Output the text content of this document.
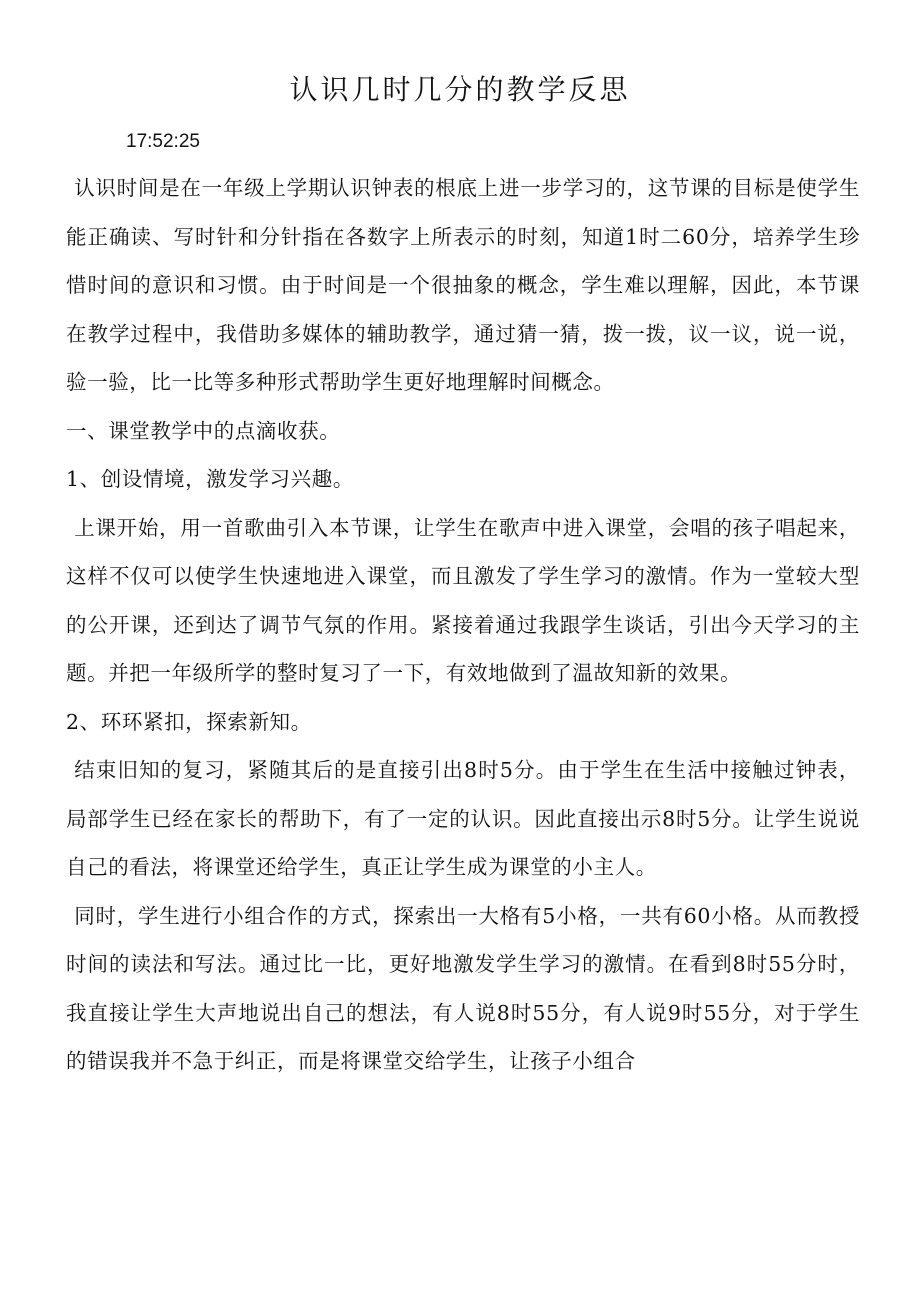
认识几时几分的教学反思
17:52:25

认识时间是在一年级上学期认识钟表的根底上进一步学习的，这节课的目标是使学生能正确读、写时针和分针指在各数字上所表示的时刻，知道1时二60分，培养学生珍惜时间的意识和习惯。由于时间是一个很抽象的概念，学生难以理解，因此，本节课在教学过程中，我借助多媒体的辅助教学，通过猜一猜，拨一拨，议一议，说一说，验一验，比一比等多种形式帮助学生更好地理解时间概念。

一、课堂教学中的点滴收获。

1、创设情境，激发学习兴趣。

上课开始，用一首歌曲引入本节课，让学生在歌声中进入课堂，会唱的孩子唱起来，这样不仅可以使学生快速地进入课堂，而且激发了学生学习的激情。作为一堂较大型的公开课，还到达了调节气氛的作用。紧接着通过我跟学生谈话，引出今天学习的主题。并把一年级所学的整时复习了一下，有效地做到了温故知新的效果。

2、环环紧扣，探索新知。

结束旧知的复习，紧随其后的是直接引出8时5分。由于学生在生活中接触过钟表，局部学生已经在家长的帮助下，有了一定的认识。因此直接出示8时5分。让学生说说自己的看法，将课堂还给学生，真正让学生成为课堂的小主人。

同时，学生进行小组合作的方式，探索出一大格有5小格，一共有60小格。从而教授时间的读法和写法。通过比一比，更好地激发学生学习的激情。在看到8时55分时，我直接让学生大声地说出自己的想法，有人说8时55分，有人说9时55分，对于学生的错误我并不急于纠正，而是将课堂交给学生，让孩子小组合
